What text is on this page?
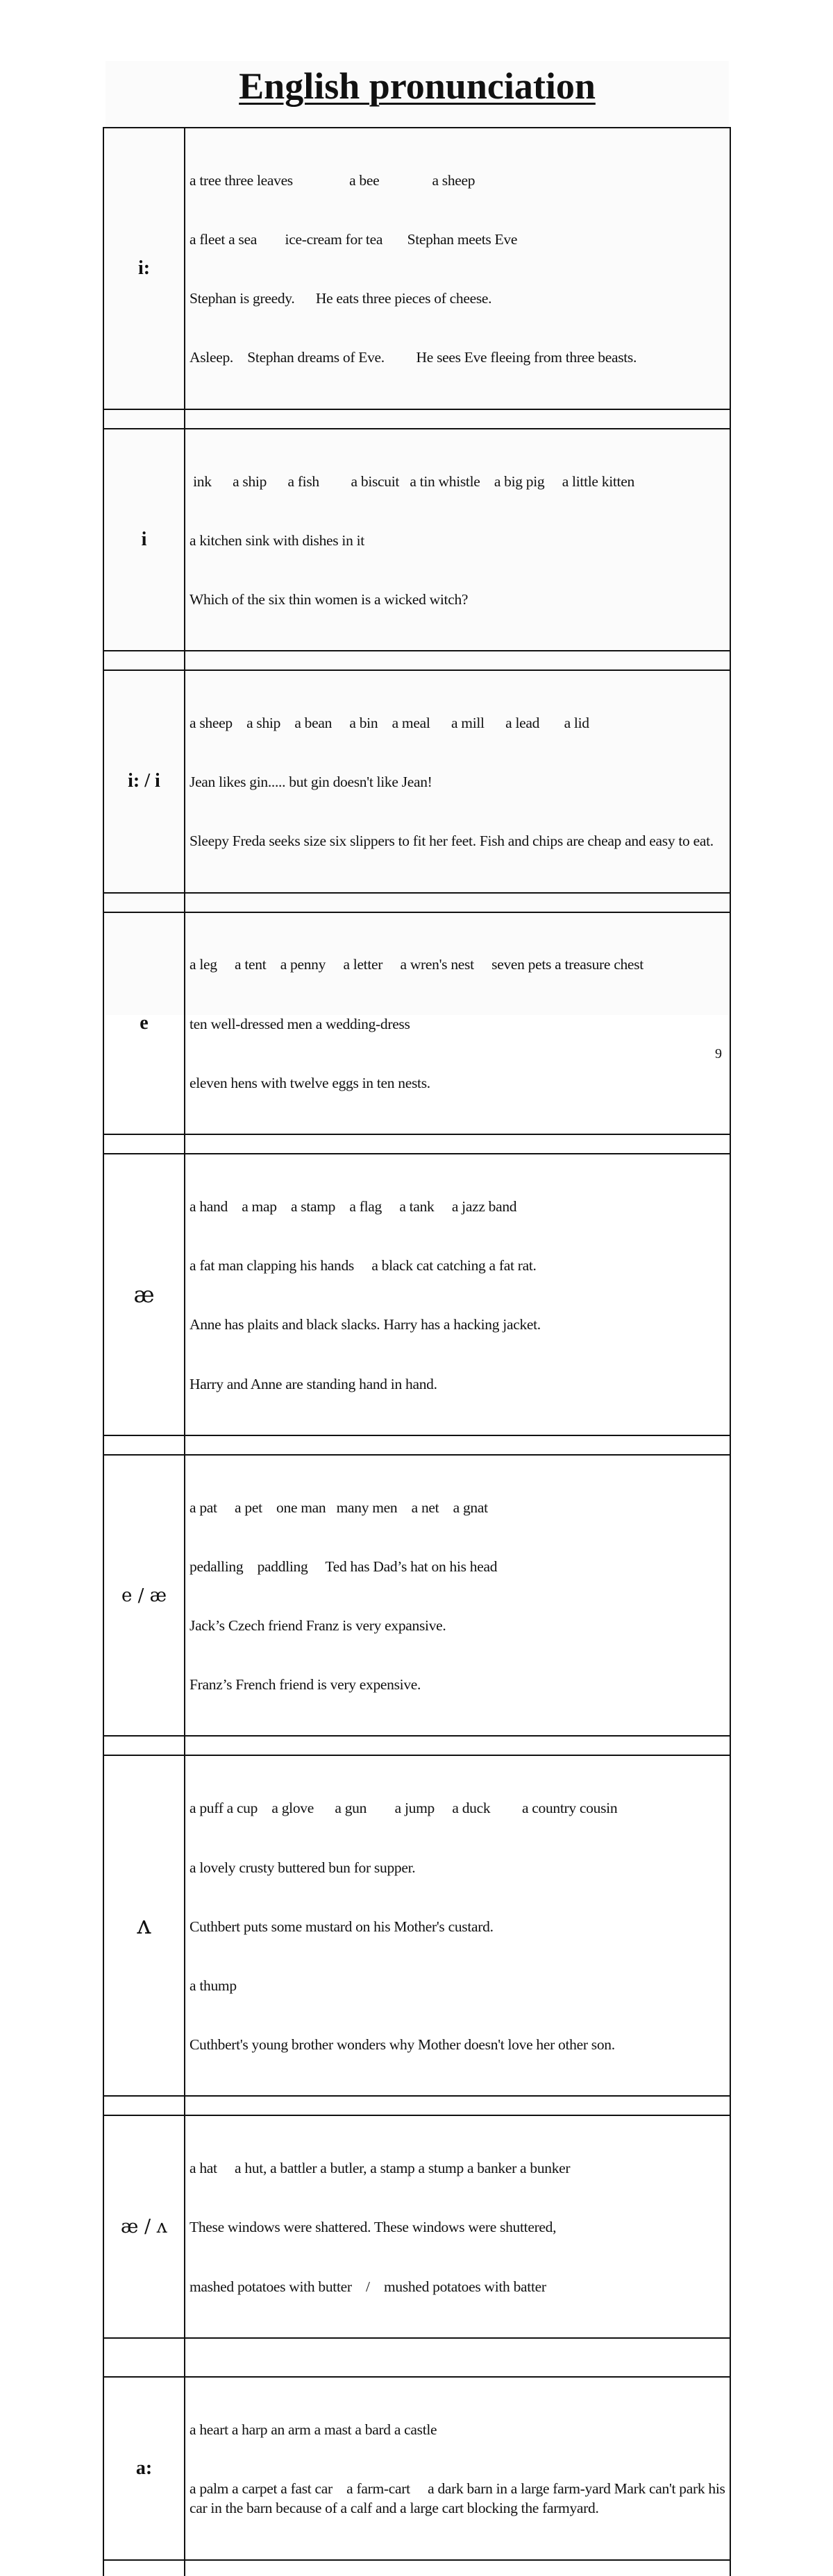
English pronunciation
i:	a tree three leaves                a bee               a sheep

a fleet a sea        ice-cream for tea       Stephan meets Eve

Stephan is greedy.      He eats three pieces of cheese.

Asleep.    Stephan dreams of Eve.         He sees Eve fleeing from three beasts.

i	ink      a ship      a fish         a biscuit   a tin whistle    a big pig     a little kitten

a kitchen sink with dishes in it

Which of the six thin women is a wicked witch?

i: / i	a sheep    a ship    a bean     a bin    a meal      a mill      a lead       a lid

Jean likes gin..... but gin doesn't like Jean!

Sleepy Freda seeks size six slippers to fit her feet. Fish and chips are cheap and easy to eat.

e	a leg     a tent    a penny     a letter     a wren's nest     seven pets a treasure chest

ten well-dressed men a wedding-dress

eleven hens with twelve eggs in ten nests.

æ	a hand    a map    a stamp    a flag     a tank     a jazz band

a fat man clapping his hands     a black cat catching a fat rat.

Anne has plaits and black slacks. Harry has a hacking jacket.

Harry and Anne are standing hand in hand.

e / æ	a pat     a pet    one man   many men    a net    a gnat

pedalling    paddling     Ted has Dad’s hat on his head

Jack’s Czech friend Franz is very expansive.

Franz’s French friend is very expensive.

ʌ	a puff a cup    a glove      a gun        a jump     a duck         a country cousin

a lovely crusty buttered bun for supper.

Cuthbert puts some mustard on his Mother's custard.

a thump

Cuthbert's young brother wonders why Mother doesn't love her other son.

æ / ʌ	a hat     a hut, a battler a butler, a stamp a stump a banker a bunker

These windows were shattered. These windows were shuttered,

mashed potatoes with butter    /    mushed potatoes with batter

a:	a heart a harp an arm a mast a bard a castle

a palm a carpet a fast car    a farm-cart     a dark barn in a large farm-yard Mark can't park his car in the barn because of a calf and a large cart blocking the farmyard.

9
